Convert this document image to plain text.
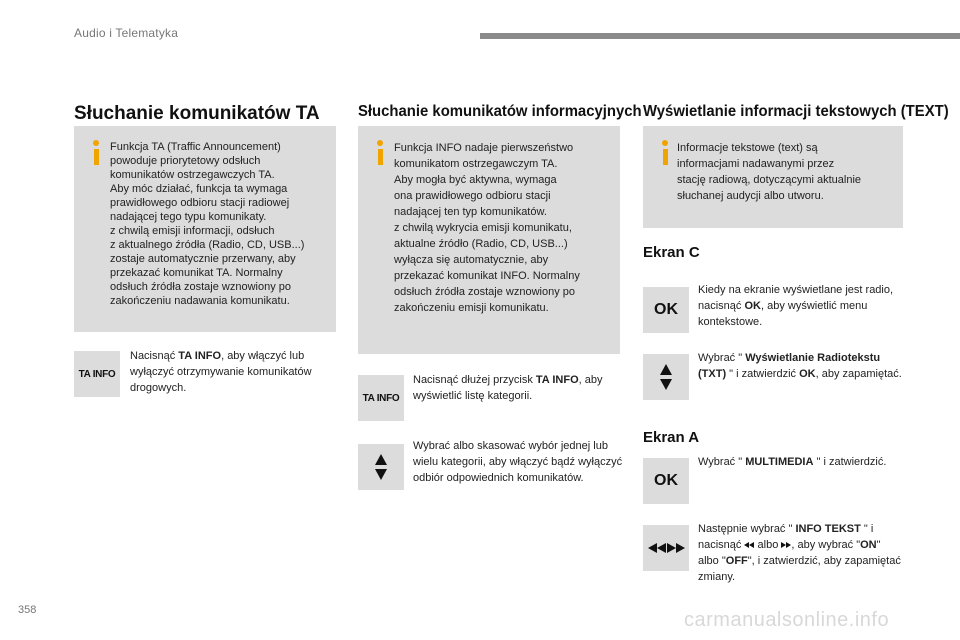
Audio i Telematyka
Słuchanie komunikatów TA
Funkcja TA (Traffic Announcement)
powoduje priorytetowy odsłuch
komunikatów ostrzegawczych TA.
Aby móc działać, funkcja ta wymaga
prawidłowego odbioru stacji radiowej
nadającej tego typu komunikaty.
z chwilą emisji informacji, odsłuch
z aktualnego źródła (Radio, CD, USB...)
zostaje automatycznie przerwany, aby
przekazać komunikat TA. Normalny
odsłuch źródła zostaje wznowiony po
zakończeniu nadawania komunikatu.
TA INFO
Nacisnąć TA INFO, aby włączyć lub wyłączyć otrzymywanie komunikatów drogowych.
Słuchanie komunikatów informacyjnych
Funkcja INFO nadaje pierwszeństwo
komunikatom ostrzegawczym TA.
Aby mogła być aktywna, wymaga
ona prawidłowego odbioru stacji
nadającej ten typ komunikatów.
z chwilą wykrycia emisji komunikatu,
aktualne źródło (Radio, CD, USB...)
wyłącza się automatycznie, aby
przekazać komunikat INFO. Normalny
odsłuch źródła zostaje wznowiony po
zakończeniu emisji komunikatu.
TA INFO
Nacisnąć dłużej przycisk TA INFO, aby wyświetlić listę kategorii.
Wybrać albo skasować wybór jednej lub wielu kategorii, aby włączyć bądź wyłączyć odbiór odpowiednich komunikatów.
Wyświetlanie informacji tekstowych (TEXT)
Informacje tekstowe (text) są
informacjami nadawanymi przez
stację radiową, dotyczącymi aktualnie
słuchanej audycji albo utworu.
Ekran C
OK
Kiedy na ekranie wyświetlane jest radio, nacisnąć OK, aby wyświetlić menu kontekstowe.
Wybrać " Wyświetlanie Radiotekstu (TXT) " i zatwierdzić OK, aby zapamiętać.
Ekran A
OK
Wybrać " MULTIMEDIA " i zatwierdzić.
Następnie wybrać " INFO TEKST " i nacisnąć  albo , aby wybrać "ON" albo "OFF", i zatwierdzić, aby zapamiętać zmiany.
358	carmanualsonline.info
